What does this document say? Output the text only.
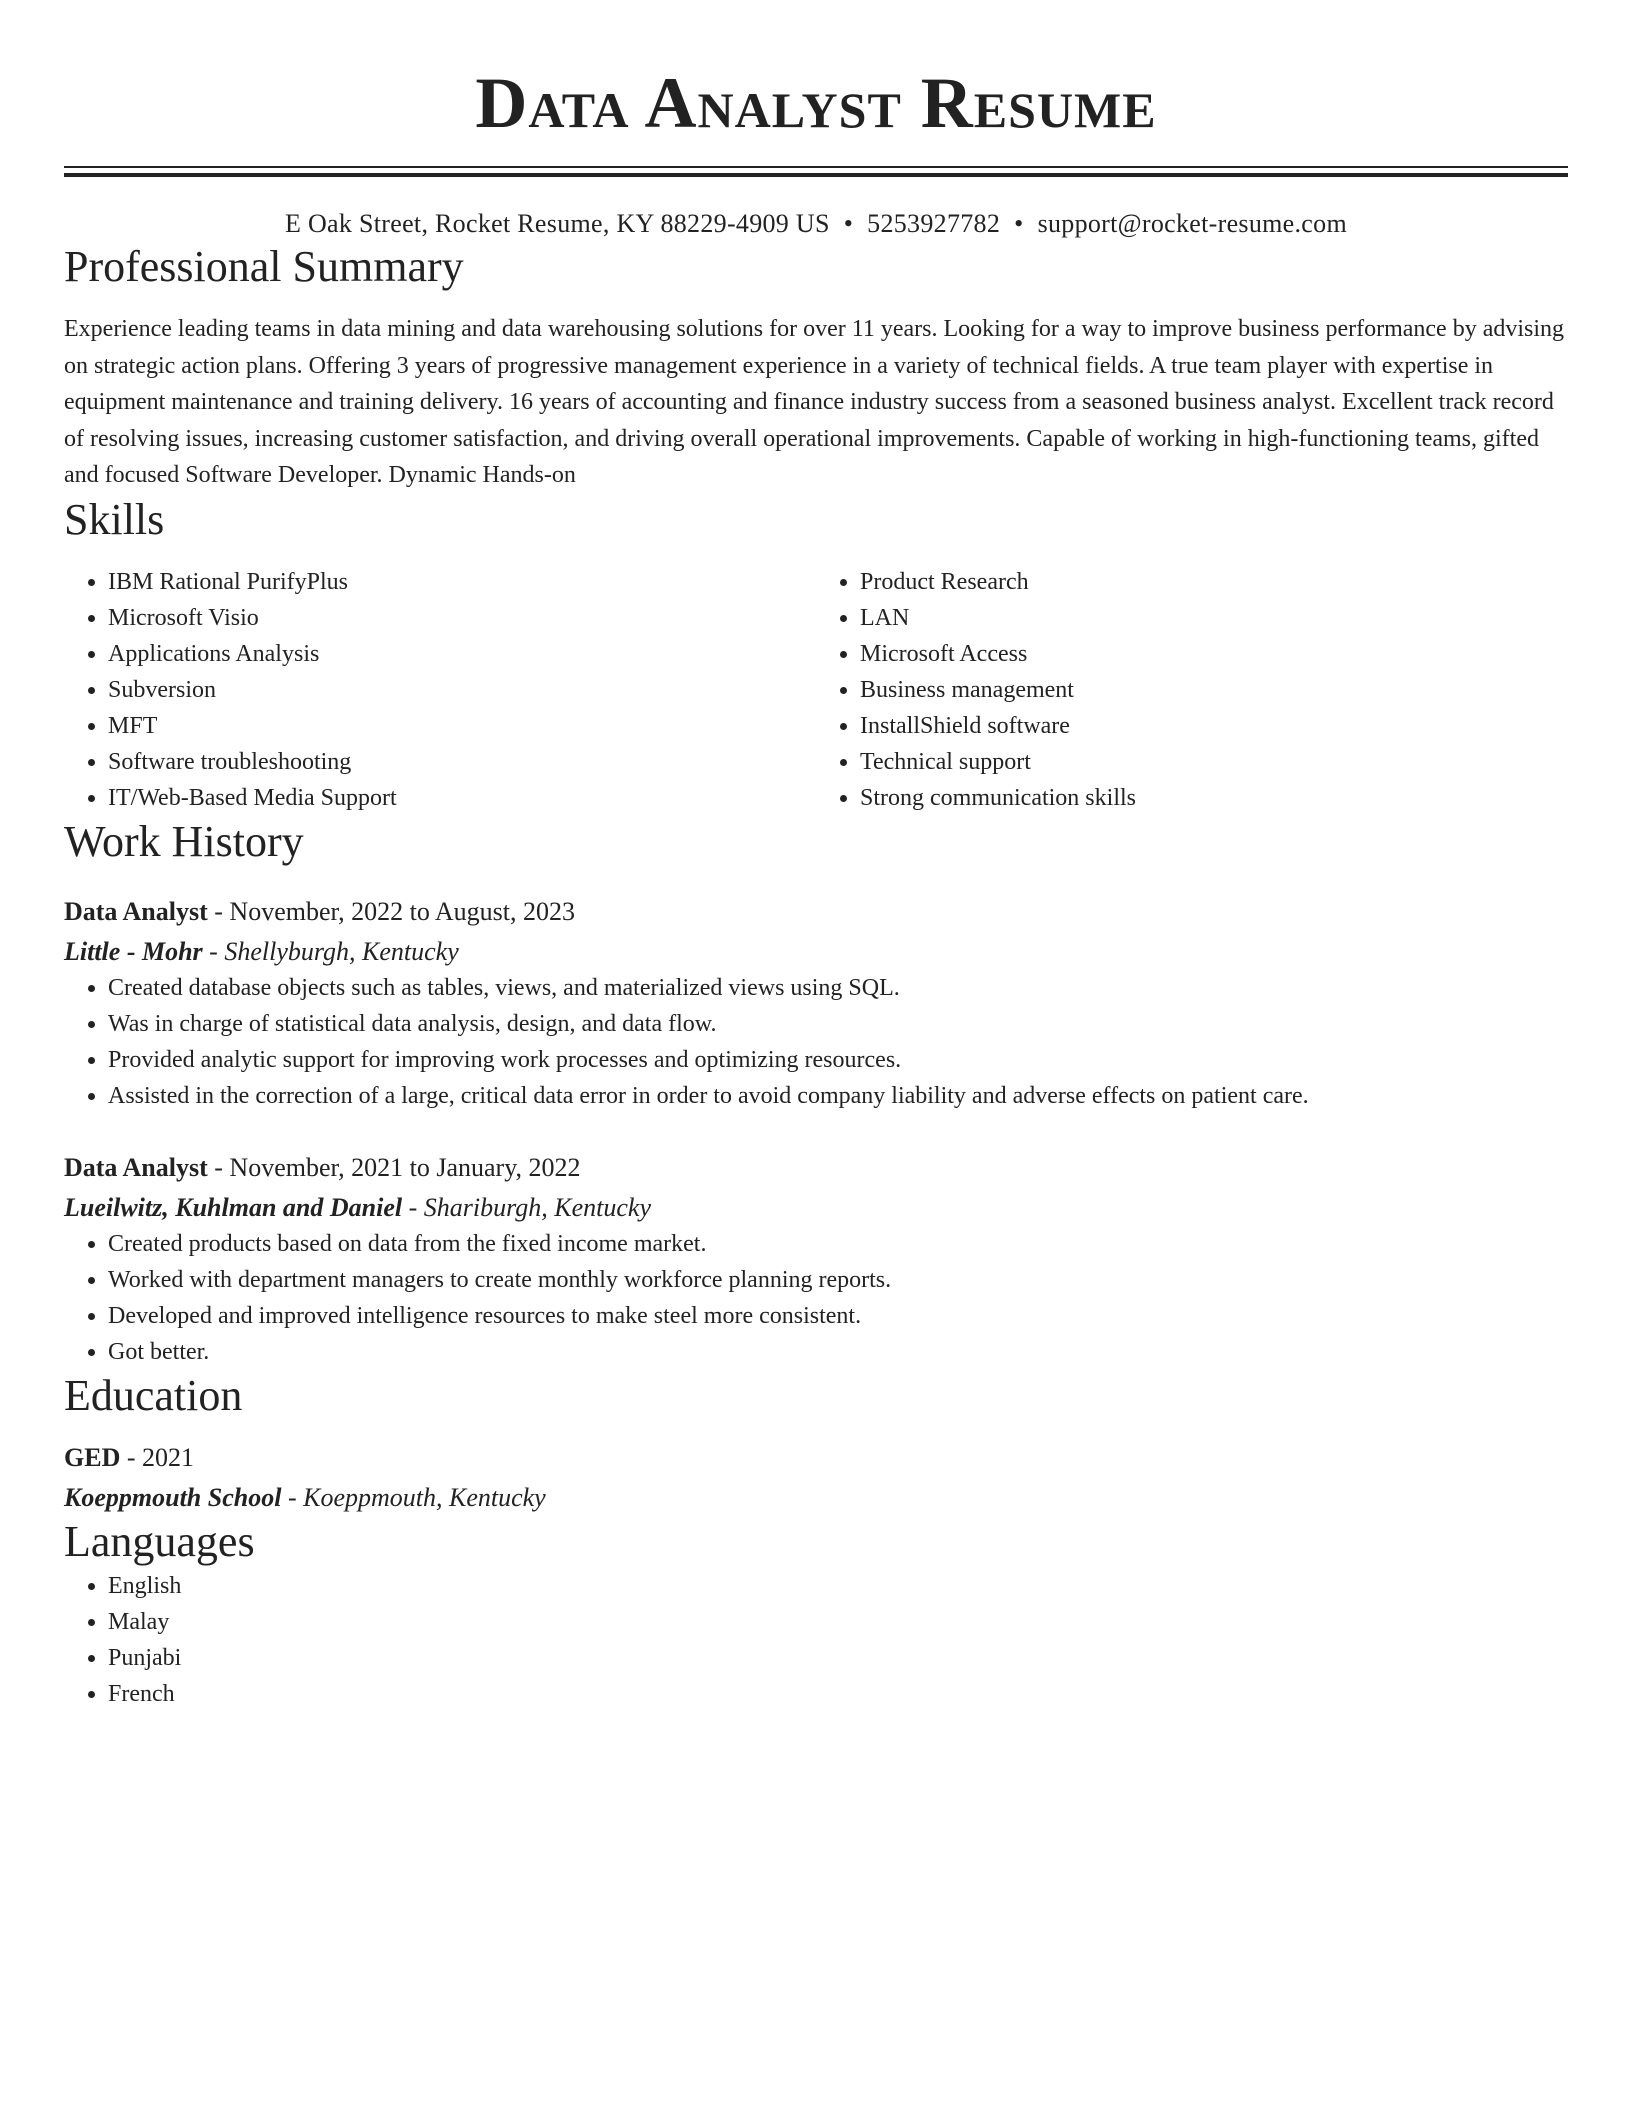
Data Analyst Resume
E Oak Street, Rocket Resume, KY 88229-4909 US • 5253927782 • support@rocket-resume.com
Professional Summary
Experience leading teams in data mining and data warehousing solutions for over 11 years. Looking for a way to improve business performance by advising on strategic action plans. Offering 3 years of progressive management experience in a variety of technical fields. A true team player with expertise in equipment maintenance and training delivery. 16 years of accounting and finance industry success from a seasoned business analyst. Excellent track record of resolving issues, increasing customer satisfaction, and driving overall operational improvements. Capable of working in high-functioning teams, gifted and focused Software Developer. Dynamic Hands-on
Skills
• IBM Rational PurifyPlus
• Microsoft Visio
• Applications Analysis
• Subversion
• MFT
• Software troubleshooting
• IT/Web-Based Media Support
• Product Research
• LAN
• Microsoft Access
• Business management
• InstallShield software
• Technical support
• Strong communication skills
Work History
Data Analyst - November, 2022 to August, 2023
Little - Mohr - Shellyburgh, Kentucky
• Created database objects such as tables, views, and materialized views using SQL.
• Was in charge of statistical data analysis, design, and data flow.
• Provided analytic support for improving work processes and optimizing resources.
• Assisted in the correction of a large, critical data error in order to avoid company liability and adverse effects on patient care.
Data Analyst - November, 2021 to January, 2022
Lueilwitz, Kuhlman and Daniel - Shariburgh, Kentucky
• Created products based on data from the fixed income market.
• Worked with department managers to create monthly workforce planning reports.
• Developed and improved intelligence resources to make steel more consistent.
• Got better.
Education
GED - 2021
Koeppmouth School - Koeppmouth, Kentucky
Languages
• English
• Malay
• Punjabi
• French
